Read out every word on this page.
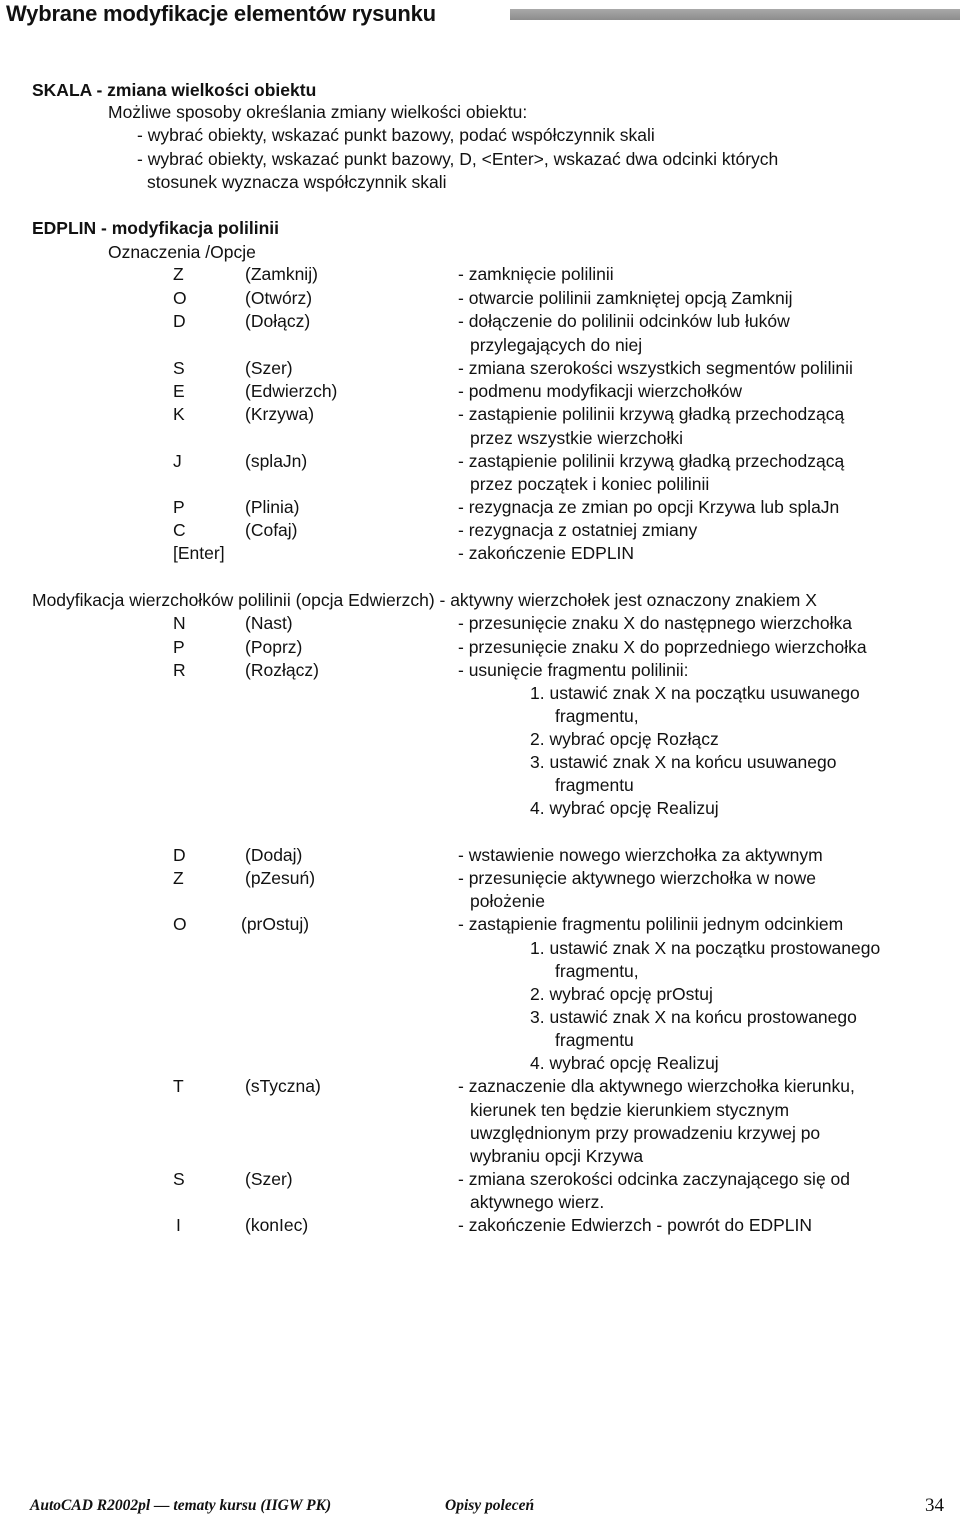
Wybrane modyfikacje elementów rysunku

SKALA - zmiana wielkości obiektu

Możliwe sposoby określania zmiany wielkości obiektu:

- wybrać obiekty, wskazać punkt bazowy, podać współczynnik skali

- wybrać obiekty, wskazać punkt bazowy, D, <Enter>, wskazać dwa odcinki których

stosunek wyznacza współczynnik skali

EDPLIN - modyfikacja polilinii

Oznaczenia /Opcje

Z	(Zamknij)	- zamknięcie polilinii

O	(Otwórz)	- otwarcie polilinii zamkniętej opcją Zamknij

D	(Dołącz)	- dołączenie do polilinii odcinków lub łuków

przylegających do niej

S	(Szer)	- zmiana szerokości wszystkich segmentów polilinii

E	(Edwierzch)	- podmenu modyfikacji wierzchołków

K	(Krzywa)	- zastąpienie polilinii krzywą gładką przechodzącą

przez wszystkie wierzchołki

J	(splaJn)	- zastąpienie polilinii krzywą gładką przechodzącą

przez początek i koniec polilinii

P	(Plinia)	- rezygnacja ze zmian po opcji Krzywa lub splaJn

C	(Cofaj)	- rezygnacja z ostatniej zmiany

[Enter]	- zakończenie EDPLIN

Modyfikacja wierzchołków polilinii (opcja Edwierzch) - aktywny wierzchołek jest oznaczony znakiem X

N	(Nast)	- przesunięcie znaku X do następnego wierzchołka

P	(Poprz)	- przesunięcie znaku X do poprzedniego wierzchołka

R	(Rozłącz)	- usunięcie fragmentu polilinii:

1. ustawić znak X na początku usuwanego

fragmentu,

2. wybrać opcję Rozłącz

3. ustawić znak X na końcu usuwanego

fragmentu

4. wybrać opcję Realizuj

D	(Dodaj)	- wstawienie nowego wierzchołka za aktywnym

Z	(pZesuń)	- przesunięcie aktywnego wierzchołka w nowe

położenie

O	(prOstuj)	- zastąpienie fragmentu polilinii jednym odcinkiem

1. ustawić znak X na początku prostowanego

fragmentu,

2. wybrać opcję prOstuj

3. ustawić znak X na końcu prostowanego

fragmentu

4. wybrać opcję Realizuj

T	(sTyczna)	- zaznaczenie dla aktywnego wierzchołka kierunku,

kierunek ten będzie kierunkiem stycznym

uwzględnionym przy prowadzeniu krzywej po

wybraniu opcji Krzywa

S	(Szer)	- zmiana szerokości odcinka zaczynającego się od

aktywnego wierz.

I	(konIec)	- zakończenie Edwierzch - powrót do EDPLIN

AutoCAD R2002pl — tematy kursu (IIGW PK)	Opisy poleceń	34
